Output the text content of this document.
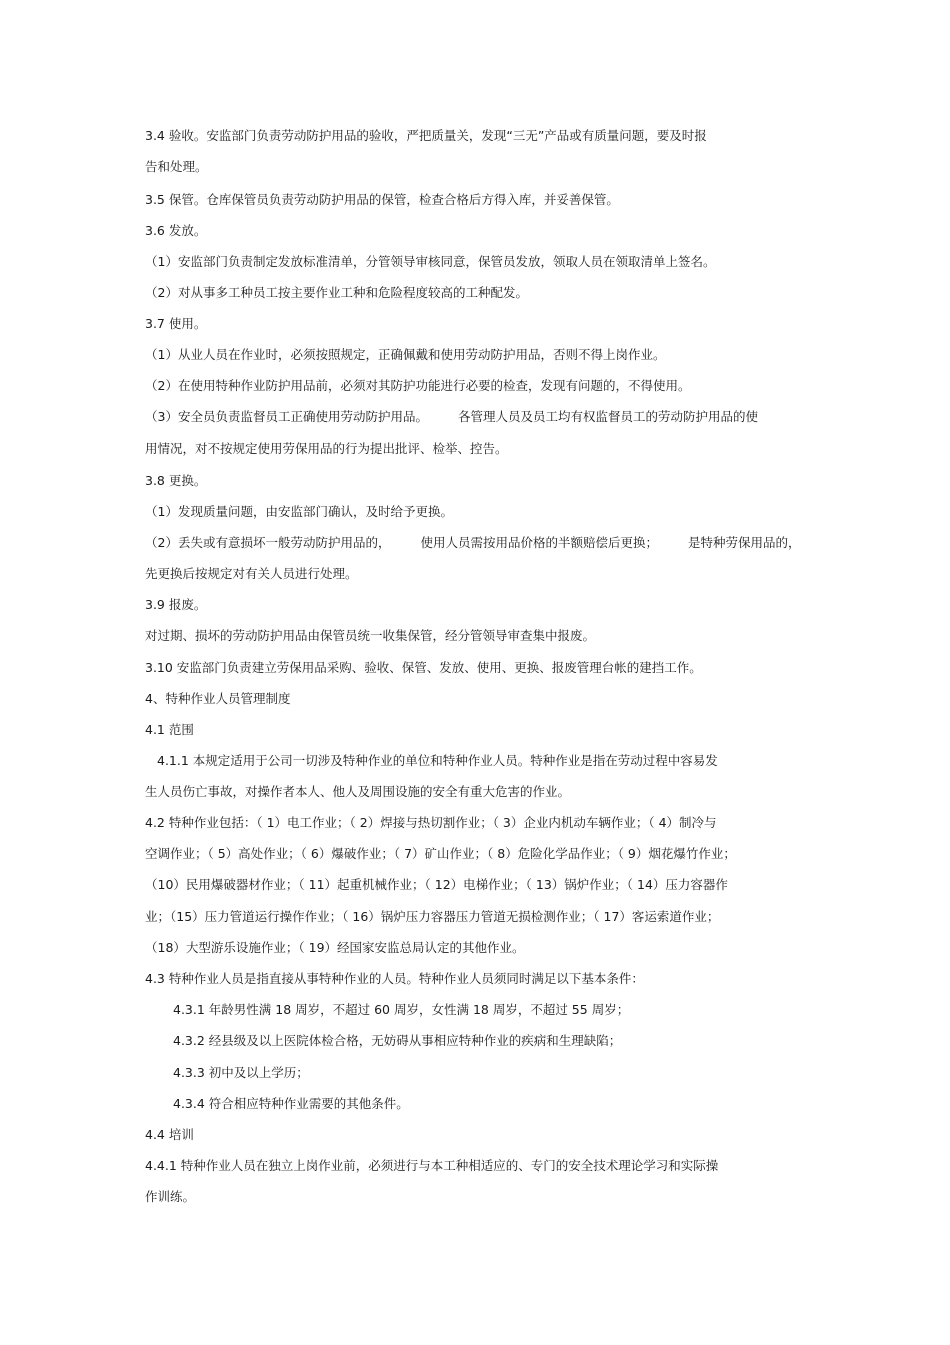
3.4 验收。安监部门负责劳动防护用品的验收，严把质量关，发现“三无”产品或有质量问题，要及时报
告和处理。
3.5 保管。仓库保管员负责劳动防护用品的保管，检查合格后方得入库，并妥善保管。
3.6 发放。
（1）安监部门负责制定发放标准清单，分管领导审核同意，保管员发放，领取人员在领取清单上签名。
（2）对从事多工种员工按主要作业工种和危险程度较高的工种配发。
3.7 使用。
（1）从业人员在作业时，必须按照规定，正确佩戴和使用劳动防护用品，否则不得上岗作业。
（2）在使用特种作业防护用品前，必须对其防护功能进行必要的检查，发现有问题的，不得使用。
（3）安全员负责监督员工正确使用劳动防护用品。 各管理人员及员工均有权监督员工的劳动防护用品的使
用情况，对不按规定使用劳保用品的行为提出批评、检举、控告。
3.8 更换。
（1）发现质量问题，由安监部门确认，及时给予更换。
（2）丢失或有意损坏一般劳动防护用品的， 使用人员需按用品价格的半额赔偿后更换； 是特种劳保用品的，
先更换后按规定对有关人员进行处理。
3.9 报废。
对过期、损坏的劳动防护用品由保管员统一收集保管，经分管领导审查集中报废。
3.10 安监部门负责建立劳保用品采购、验收、保管、发放、使用、更换、报废管理台帐的建挡工作。
4、特种作业人员管理制度
4.1 范围
4.1.1 本规定适用于公司一切涉及特种作业的单位和特种作业人员。特种作业是指在劳动过程中容易发
生人员伤亡事故，对操作者本人、他人及周围设施的安全有重大危害的作业。
4.2 特种作业包括：（ 1）电工作业；（ 2）焊接与热切割作业；（ 3）企业内机动车辆作业；（ 4）制冷与
空调作业；（ 5）高处作业；（ 6）爆破作业；（ 7）矿山作业；（ 8）危险化学品作业；（ 9）烟花爆竹作业；
（10）民用爆破器材作业；（ 11）起重机械作业；（ 12）电梯作业；（ 13）锅炉作业；（ 14）压力容器作
业；（15）压力管道运行操作作业；（ 16）锅炉压力容器压力管道无损检测作业；（ 17）客运索道作业；
（18）大型游乐设施作业；（ 19）经国家安监总局认定的其他作业。
4.3 特种作业人员是指直接从事特种作业的人员。特种作业人员须同时满足以下基本条件：
4.3.1 年龄男性满 18 周岁，不超过 60 周岁，女性满 18 周岁，不超过 55 周岁；
4.3.2 经县级及以上医院体检合格，无妨碍从事相应特种作业的疾病和生理缺陷；
4.3.3 初中及以上学历；
4.3.4 符合相应特种作业需要的其他条件。
4.4 培训
4.4.1 特种作业人员在独立上岗作业前，必须进行与本工种相适应的、专门的安全技术理论学习和实际操
作训练。
